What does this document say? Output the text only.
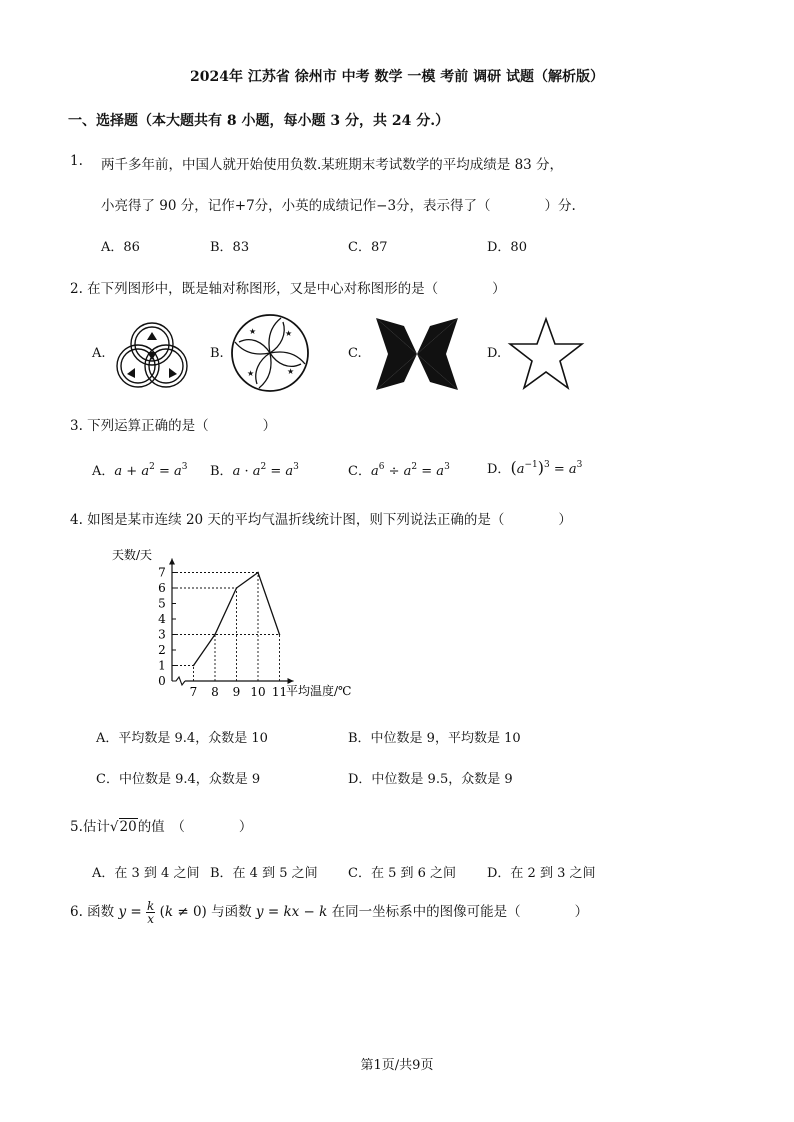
2024年 江苏省 徐州市 中考 数学 一模 考前 调研 试题（解析版）
一、选择题（本大题共有 8 小题，每小题 3 分，共 24 分.）
1. 两千多年前，中国人就开始使用负数.某班期末考试数学的平均成绩是 83 分，
小亮得了 90 分，记作+7分，小英的成绩记作−3分，表示得了（　　　　）分.
A．86	B．83	C．87	D．80
2. 在下列图形中，既是轴对称图形，又是中心对称图形的是（　　　　）
A.	B.	C.	D.
★	★
★
★
3. 下列运算正确的是（　　　　）
A．$a + a^2 = a^3$ B．$a \cdot a^2 = a^3$	C．$a^6 \div a^2 = a^3$	D．$(a^{-1})^3 = a^3$
4. 如图是某市连续 20 天的平均气温折线统计图，则下列说法正确的是（　　　　）
天数/天
平均温度/℃
0
1
2
3
4
5
6
7
7 8 9 10 11
A．平均数是 9.4，众数是 10	B．中位数是 9，平均数是 10
C．中位数是 9.4，众数是 9	D．中位数是 9.5，众数是 9
5.估计√20的值　（　　　　）
A．在 3 到 4 之间 B．在 4 到 5 之间 C．在 5 到 6 之间 D．在 2 到 3 之间
6. 函数 $y = \frac{k}{x} (k \ne 0)$ 与函数 y = kx − k 在同一坐标系中的图像可能是（　　　　）
第1页/共9页
